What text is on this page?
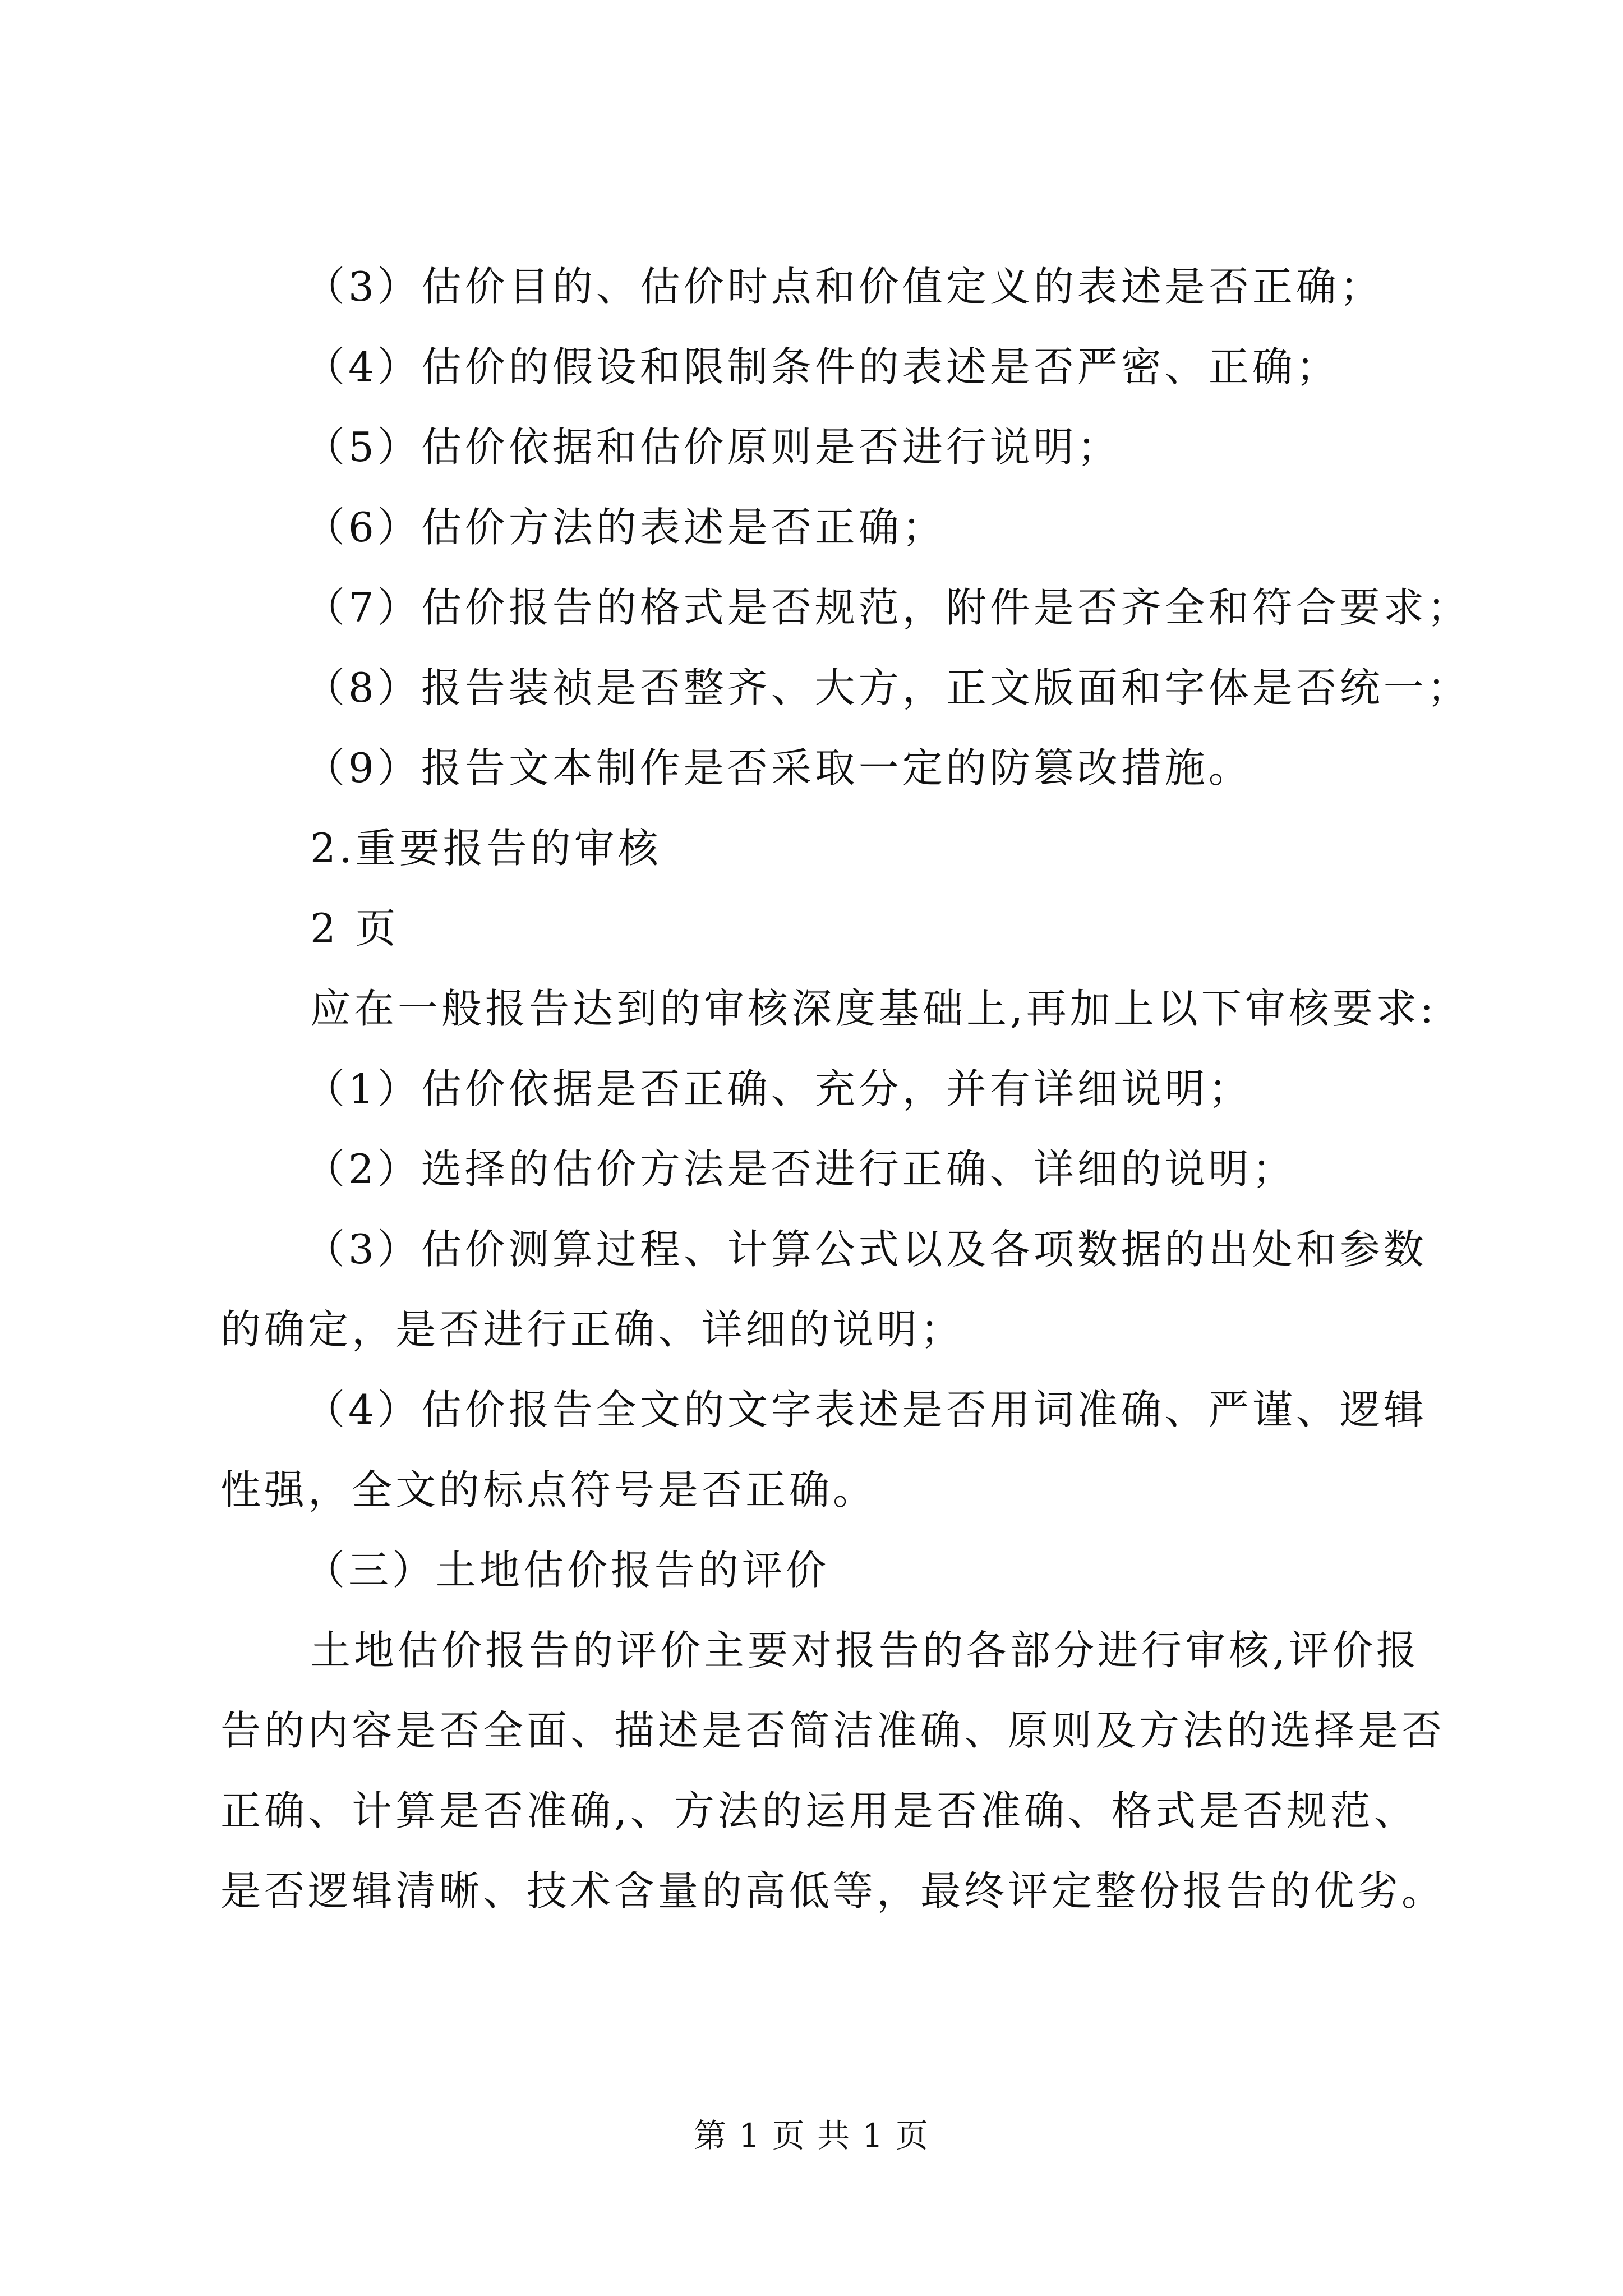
（3）估价目的、估价时点和价值定义的表述是否正确；
（4）估价的假设和限制条件的表述是否严密、正确；
（5）估价依据和估价原则是否进行说明；
（6）估价方法的表述是否正确；
（7）估价报告的格式是否规范，附件是否齐全和符合要求；
（8）报告装祯是否整齐、大方，正文版面和字体是否统一；
（9）报告文本制作是否采取一定的防篡改措施。
2.重要报告的审核
2 页
应在一般报告达到的审核深度基础上,再加上以下审核要求:
（1）估价依据是否正确、充分，并有详细说明；
（2）选择的估价方法是否进行正确、详细的说明；
（3）估价测算过程、计算公式以及各项数据的出处和参数
的确定，是否进行正确、详细的说明；
（4）估价报告全文的文字表述是否用词准确、严谨、逻辑
性强，全文的标点符号是否正确。
（三）土地估价报告的评价
土地估价报告的评价主要对报告的各部分进行审核,评价报
告的内容是否全面、描述是否简洁准确、原则及方法的选择是否
正确、计算是否准确,、方法的运用是否准确、格式是否规范、
是否逻辑清晰、技术含量的高低等，最终评定整份报告的优劣。
第 1 页 共 1 页
